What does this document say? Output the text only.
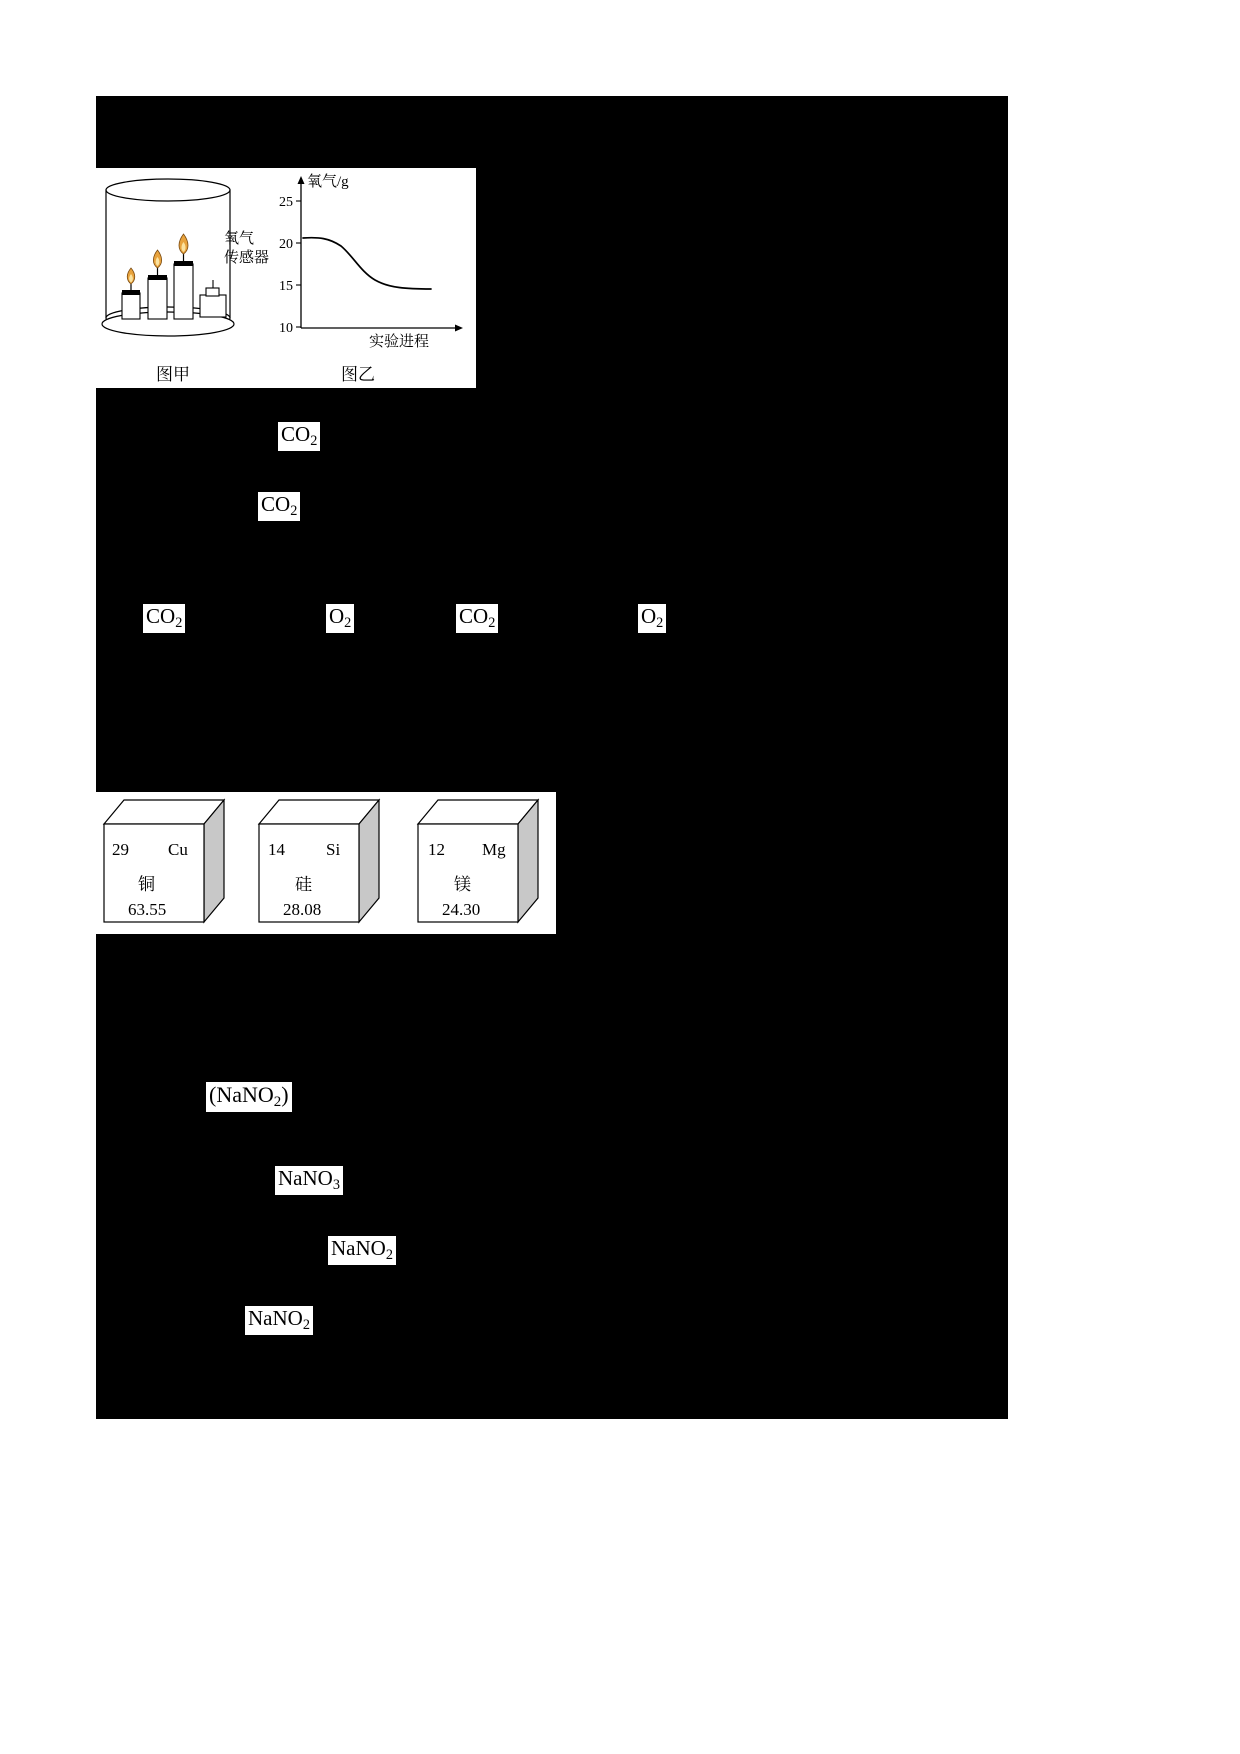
氧气
传感器
25
20
15
10
氧气/g
实验进程
图甲	图乙
$CO_2$
$CO_2$
$CO_2$	$O_2$	$CO_2$	$O_2$
(NaNO$_2$)
NaNO$_3$
NaNO$_2$
NaNO$_2$
29 Cu
铜
63.55
14 Si
硅
28.08
12 Mg
镁
24.30
